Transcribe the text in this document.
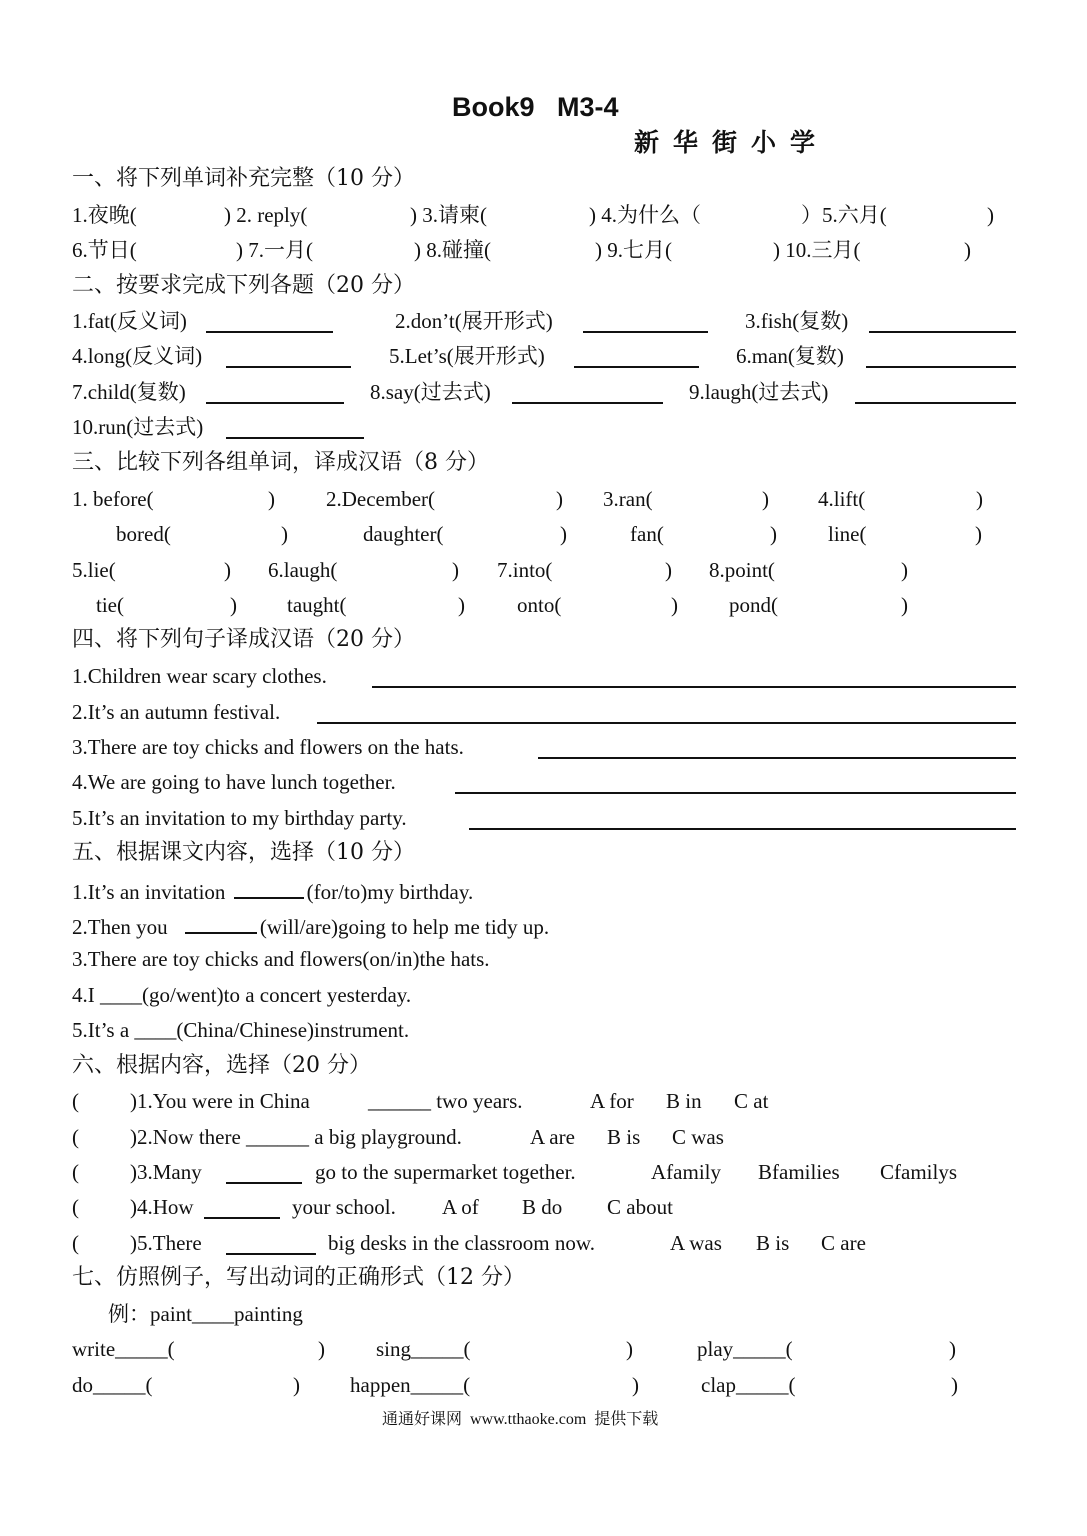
Book9   M3-4
新华街小学
一、将下列单词补充完整（10 分）
1.夜晚(	) 2. reply(	) 3.请柬(	) 4.为什么（	）5.六月(	)
6.节日(	) 7.一月(	) 8.碰撞(	) 9.七月(	) 10.三月(	)
二、按要求完成下列各题（20 分）
1.fat(反义词)	2.don’t(展开形式)	3.fish(复数)
4.long(反义词)	5.Let’s(展开形式)	6.man(复数)
7.child(复数)	8.say(过去式)	9.laugh(过去式)
10.run(过去式)
三、比较下列各组单词，译成汉语（8 分）
1. before(	) 2.December(	) 3.ran(	) 4.lift(	)
bored(	)	daughter(	)	fan(	) line(	)
5.lie(	) 6.laugh(	) 7.into(	) 8.point(	)
tie(	) taught(	) onto(	) pond(	)
四、将下列句子译成汉语（20 分）
1.Children wear scary clothes.
2.It’s an autumn festival.
3.There are toy chicks and flowers on the hats.
4.We are going to have lunch together.
5.It’s an invitation to my birthday party.
五、根据课文内容，选择（10 分）
1.It’s an invitation	(for/to)my birthday.
2.Then you	(will/are)going to help me tidy up.
3.There are toy chicks and flowers(on/in)the hats.
4.I ____(go/went)to a concert yesterday.
5.It’s a ____(China/Chinese)instrument.
六、根据内容，选择（20 分）
( )1.You were in China	______ two years.	A for B in C at
( )2.Now there ______ a big playground.	A are B is C was
( )3.Many	go to the supermarket together.	Afamily Bfamilies Cfamilys
( )4.How	your school. A of B do C about
( )5.There	big desks in the classroom now.	A was B is C are
七、仿照例子，写出动词的正确形式（12 分）
例：paint____painting
write_____(	) sing_____(	)	play_____(	)
do_____(	) happen_____(	)	clap_____(	)
通通好课网  www.tthaoke.com  提供下载
